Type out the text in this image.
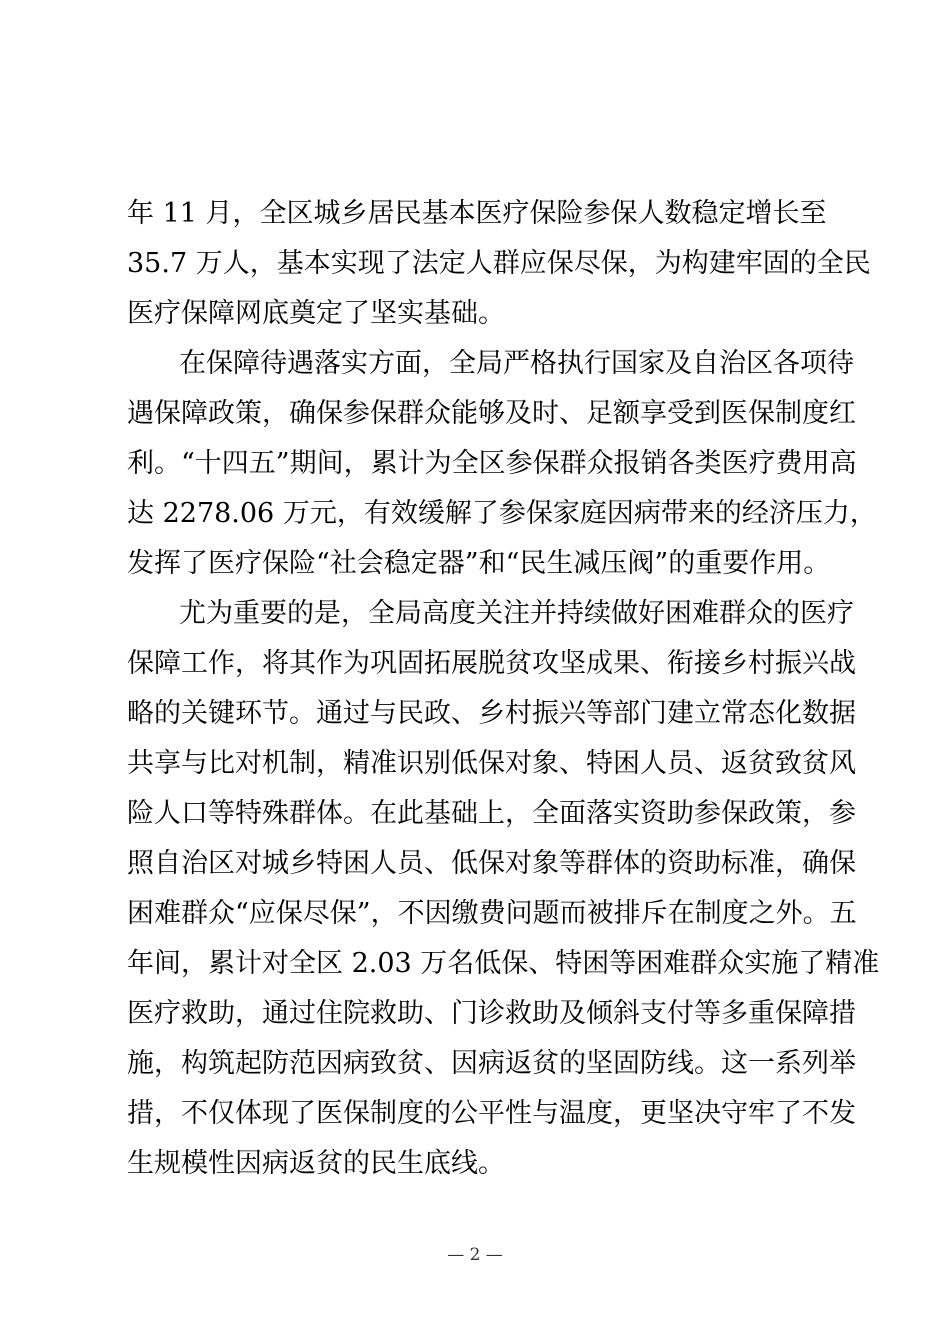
年 11 月，全区城乡居民基本医疗保险参保人数稳定增长至
35.7 万人，基本实现了法定人群应保尽保，为构建牢固的全民
医疗保障网底奠定了坚实基础。
在保障待遇落实方面，全局严格执行国家及自治区各项待
遇保障政策，确保参保群众能够及时、足额享受到医保制度红
利。“十四五”期间，累计为全区参保群众报销各类医疗费用高
达 2278.06 万元，有效缓解了参保家庭因病带来的经济压力，
发挥了医疗保险“社会稳定器”和“民生减压阀”的重要作用。
尤为重要的是，全局高度关注并持续做好困难群众的医疗
保障工作，将其作为巩固拓展脱贫攻坚成果、衔接乡村振兴战
略的关键环节。通过与民政、乡村振兴等部门建立常态化数据
共享与比对机制，精准识别低保对象、特困人员、返贫致贫风
险人口等特殊群体。在此基础上，全面落实资助参保政策，参
照自治区对城乡特困人员、低保对象等群体的资助标准，确保
困难群众“应保尽保”，不因缴费问题而被排斥在制度之外。五
年间，累计对全区 2.03 万名低保、特困等困难群众实施了精准
医疗救助，通过住院救助、门诊救助及倾斜支付等多重保障措
施，构筑起防范因病致贫、因病返贫的坚固防线。这一系列举
措，不仅体现了医保制度的公平性与温度，更坚决守牢了不发
生规模性因病返贫的民生底线。
— 2 —
